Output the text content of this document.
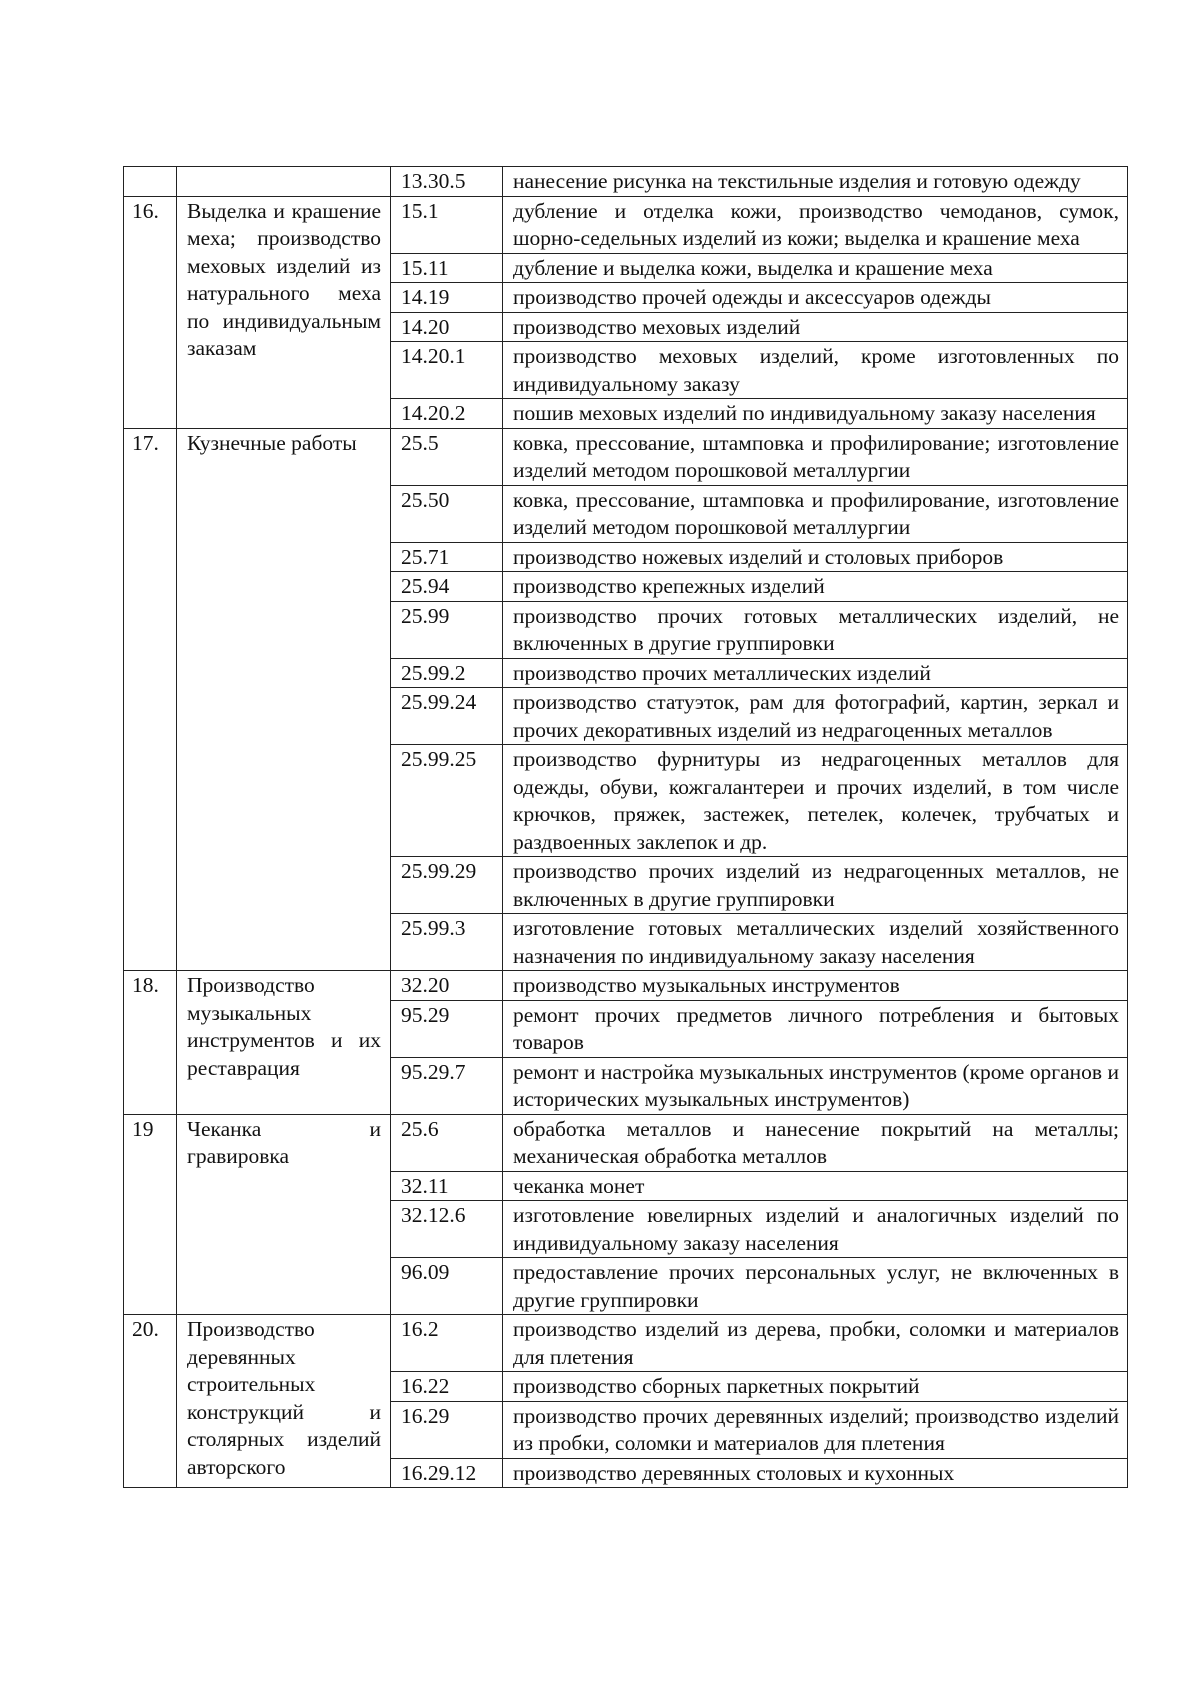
		13.30.5	нанесение рисунка на текстильные изделия и готовую одежду
16.	Выделка и крашение меха; производство меховых изделий из натурального меха по индивидуальным заказам	15.1	дубление и отделка кожи, производство чемоданов, сумок, шорно-седельных изделий из кожи; выделка и крашение меха
		15.11	дубление и выделка кожи, выделка и крашение меха
		14.19	производство прочей одежды и аксессуаров одежды
		14.20	производство меховых изделий
		14.20.1	производство меховых изделий, кроме изготовленных по индивидуальному заказу
		14.20.2	пошив меховых изделий по индивидуальному заказу населения
17.	Кузнечные работы	25.5	ковка, прессование, штамповка и профилирование; изготовление изделий методом порошковой металлургии
		25.50	ковка, прессование, штамповка и профилирование, изготовление изделий методом порошковой металлургии
		25.71	производство ножевых изделий и столовых приборов
		25.94	производство крепежных изделий
		25.99	производство прочих готовых металлических изделий, не включенных в другие группировки
		25.99.2	производство прочих металлических изделий
		25.99.24	производство статуэток, рам для фотографий, картин, зеркал и прочих декоративных изделий из недрагоценных металлов
		25.99.25	производство фурнитуры из недрагоценных металлов для одежды, обуви, кожгалантереи и прочих изделий, в том числе крючков, пряжек, застежек, петелек, колечек, трубчатых и раздвоенных заклепок и др.
		25.99.29	производство прочих изделий из недрагоценных металлов, не включенных в другие группировки
		25.99.3	изготовление готовых металлических изделий хозяйственного назначения по индивидуальному заказу населения
18.	Производство музыкальных инструментов и их реставрация	32.20	производство музыкальных инструментов
		95.29	ремонт прочих предметов личного потребления и бытовых товаров
		95.29.7	ремонт и настройка музыкальных инструментов (кроме органов и исторических музыкальных инструментов)
19	Чеканка и гравировка	25.6	обработка металлов и нанесение покрытий на металлы; механическая обработка металлов
		32.11	чеканка монет
		32.12.6	изготовление ювелирных изделий и аналогичных изделий по индивидуальному заказу населения
		96.09	предоставление прочих персональных услуг, не включенных в другие группировки
20.	Производство деревянных строительных конструкций и столярных изделий авторского	16.2	производство изделий из дерева, пробки, соломки и материалов для плетения
		16.22	производство сборных паркетных покрытий
		16.29	производство прочих деревянных изделий; производство изделий из пробки, соломки и материалов для плетения
		16.29.12	производство деревянных столовых и кухонных
